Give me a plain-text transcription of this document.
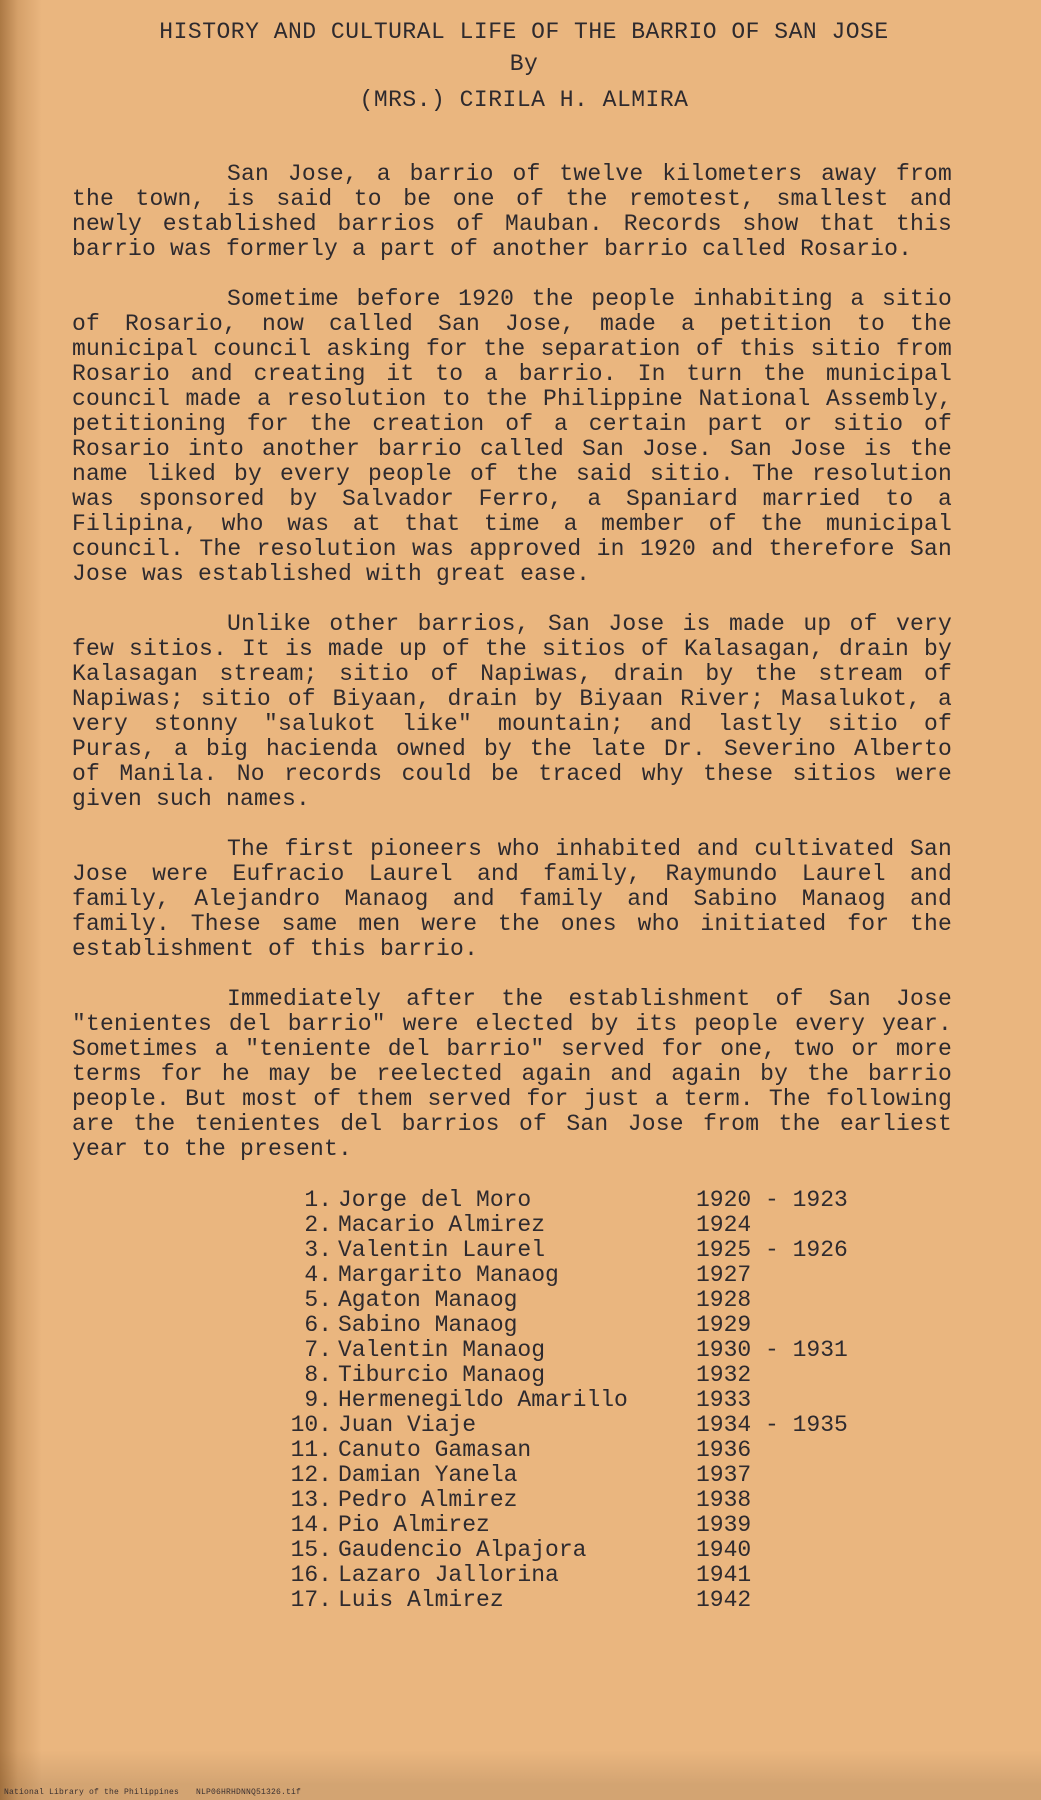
HISTORY AND CULTURAL LIFE OF THE BARRIO OF SAN JOSE

By

(MRS.) CIRILA H. ALMIRA

San Jose, a barrio of twelve kilometers away from the town, is said to be one of the remotest, smallest and newly established barrios of Mauban. Records show that this barrio was formerly a part of another barrio called Rosario.

Sometime before 1920 the people inhabiting a sitio of Rosario, now called San Jose, made a petition to the municipal council asking for the separation of this sitio from Rosario and creating it to a barrio. In turn the municipal council made a resolution to the Philippine National Assembly, petitioning for the creation of a certain part or sitio of Rosario into another barrio called San Jose. San Jose is the name liked by every people of the said sitio. The resolution was sponsored by Salvador Ferro, a Spaniard married to a Filipina, who was at that time a member of the municipal council. The resolution was approved in 1920 and therefore San Jose was established with great ease.

Unlike other barrios, San Jose is made up of very few sitios. It is made up of the sitios of Kalasagan, drain by Kalasagan stream; sitio of Napiwas, drain by the stream of Napiwas; sitio of Biyaan, drain by Biyaan River; Masalukot, a very stonny "salukot like" mountain; and lastly sitio of Puras, a big hacienda owned by the late Dr. Severino Alberto of Manila. No records could be traced why these sitios were given such names.

The first pioneers who inhabited and cultivated San Jose were Eufracio Laurel and family, Raymundo Laurel and family, Alejandro Manaog and family and Sabino Manaog and family. These same men were the ones who initiated for the establishment of this barrio.

Immediately after the establishment of San Jose "tenientes del barrio" were elected by its people every year. Sometimes a "teniente del barrio" served for one, two or more terms for he may be reelected again and again by the barrio people. But most of them served for just a term. The following are the tenientes del barrios of San Jose from the earliest year to the present.

1. Jorge del Moro	1920 - 1923
2. Macario Almirez	1924
3. Valentin Laurel	1925 - 1926
4. Margarito Manaog	1927
5. Agaton Manaog	1928
6. Sabino Manaog	1929
7. Valentin Manaog	1930 - 1931
8. Tiburcio Manaog	1932
9. Hermenegildo Amarillo	1933
10. Juan Viaje	1934 - 1935
11. Canuto Gamasan	1936
12. Damian Yanela	1937
13. Pedro Almirez	1938
14. Pio Almirez	1939
15. Gaudencio Alpajora	1940
16. Lazaro Jallorina	1941
17. Luis Almirez	1942
National Library of the Philippines NLP06HRHDNNQ51326.tif
